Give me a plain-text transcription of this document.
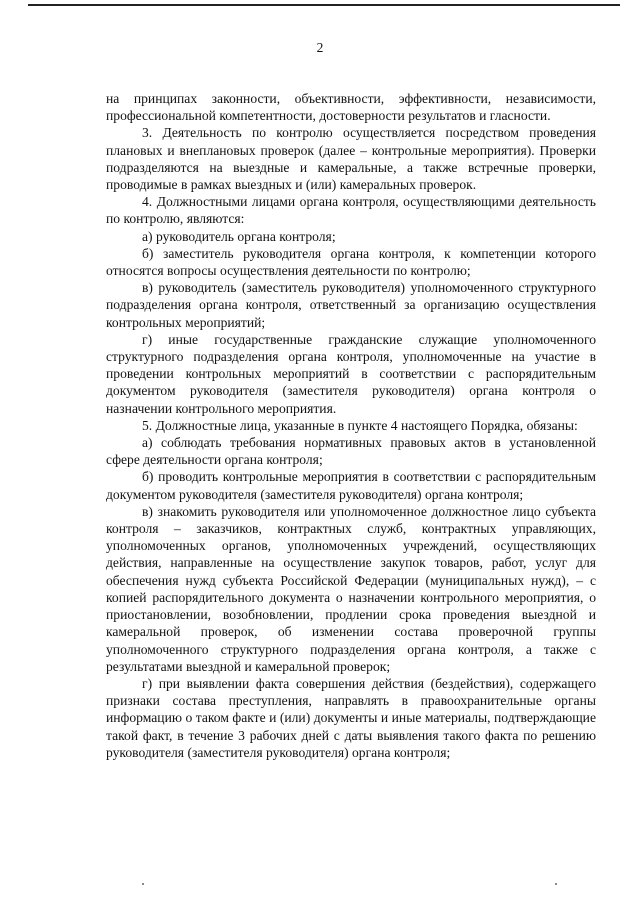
2

на принципах законности, объективности, эффективности, независимости, профессиональной компетентности, достоверности результатов и гласности.

3. Деятельность по контролю осуществляется посредством проведения плановых и внеплановых проверок (далее – контрольные мероприятия). Проверки подразделяются на выездные и камеральные, а также встречные проверки, проводимые в рамках выездных и (или) камеральных проверок.

4. Должностными лицами органа контроля, осуществляющими деятельность по контролю, являются:

а) руководитель органа контроля;

б) заместитель руководителя органа контроля, к компетенции которого относятся вопросы осуществления деятельности по контролю;

в) руководитель (заместитель руководителя) уполномоченного структурного подразделения органа контроля, ответственный за организацию осуществления контрольных мероприятий;

г) иные государственные гражданские служащие уполномоченного структурного подразделения органа контроля, уполномоченные на участие в проведении контрольных мероприятий в соответствии с распорядительным документом руководителя (заместителя руководителя) органа контроля о назначении контрольного мероприятия.

5. Должностные лица, указанные в пункте 4 настоящего Порядка, обязаны:

а) соблюдать требования нормативных правовых актов в установленной сфере деятельности органа контроля;

б) проводить контрольные мероприятия в соответствии с распорядительным документом руководителя (заместителя руководителя) органа контроля;

в) знакомить руководителя или уполномоченное должностное лицо субъекта контроля – заказчиков, контрактных служб, контрактных управляющих, уполномоченных органов, уполномоченных учреждений, осуществляющих действия, направленные на осуществление закупок товаров, работ, услуг для обеспечения нужд субъекта Российской Федерации (муниципальных нужд), – с копией распорядительного документа о назначении контрольного мероприятия, о приостановлении, возобновлении, продлении срока проведения выездной и камеральной проверок, об изменении состава проверочной группы уполномоченного структурного подразделения органа контроля, а также с результатами выездной и камеральной проверок;

г) при выявлении факта совершения действия (бездействия), содержащего признаки состава преступления, направлять в правоохранительные органы информацию о таком факте и (или) документы и иные материалы, подтверждающие такой факт, в течение 3 рабочих дней с даты выявления такого факта по решению руководителя (заместителя руководителя) органа контроля;
